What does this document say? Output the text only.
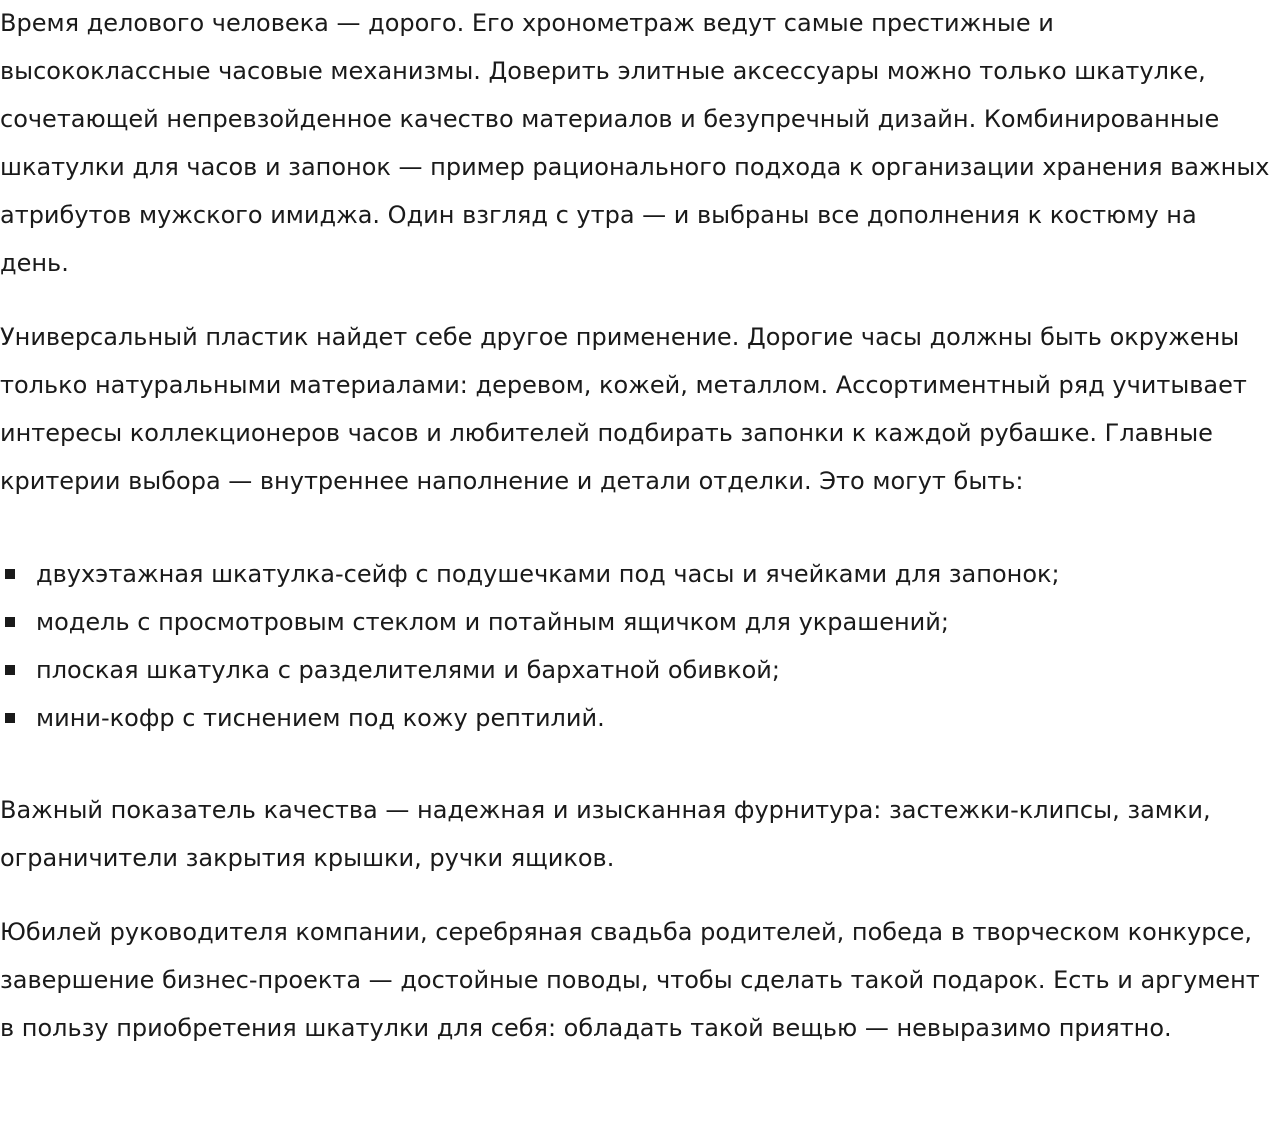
Время делового человека — дорого. Его хронометраж ведут самые престижные и высококлассные часовые механизмы. Доверить элитные аксессуары можно только шкатулке, сочетающей непревзойденное качество материалов и безупречный дизайн. Комбинированные шкатулки для часов и запонок — пример рационального подхода к организации хранения важных атрибутов мужского имиджа. Один взгляд с утра — и выбраны все дополнения к костюму на день.

Универсальный пластик найдет себе другое применение. Дорогие часы должны быть окружены только натуральными материалами: деревом, кожей, металлом. Ассортиментный ряд учитывает интересы коллекционеров часов и любителей подбирать запонки к каждой рубашке. Главные критерии выбора — внутреннее наполнение и детали отделки. Это могут быть:

двухэтажная шкатулка-сейф с подушечками под часы и ячейками для запонок;
модель с просмотровым стеклом и потайным ящичком для украшений;
плоская шкатулка с разделителями и бархатной обивкой;
мини-кофр с тиснением под кожу рептилий.

Важный показатель качества — надежная и изысканная фурнитура: застежки-клипсы, замки, ограничители закрытия крышки, ручки ящиков.

Юбилей руководителя компании, серебряная свадьба родителей, победа в творческом конкурсе, завершение бизнес-проекта — достойные поводы, чтобы сделать такой подарок. Есть и аргумент в пользу приобретения шкатулки для себя: обладать такой вещью — невыразимо приятно.
